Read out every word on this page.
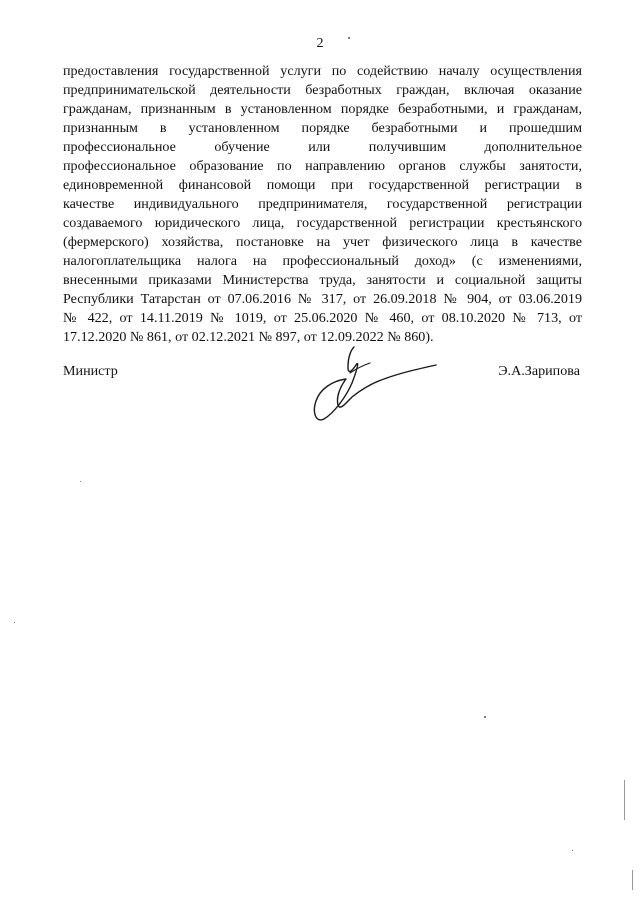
2
предоставления государственной услуги по содействию началу осуществления
предпринимательской деятельности безработных граждан, включая оказание
гражданам, признанным в установленном порядке безработными, и гражданам,
признанным в установленном порядке безработными и прошедшим
профессиональное обучение или получившим дополнительное
профессиональное образование по направлению органов службы занятости,
единовременной финансовой помощи при государственной регистрации в
качестве индивидуального предпринимателя, государственной регистрации
создаваемого юридического лица, государственной регистрации крестьянского
(фермерского) хозяйства, постановке на учет физического лица в качестве
налогоплательщика налога на профессиональный доход» (с изменениями,
внесенными приказами Министерства труда, занятости и социальной защиты
Республики Татарстан от 07.06.2016 № 317, от 26.09.2018 № 904, от 03.06.2019
№ 422, от 14.11.2019 № 1019, от 25.06.2020 № 460, от 08.10.2020 № 713, от
17.12.2020 № 861, от 02.12.2021 № 897, от 12.09.2022 № 860).
Министр	Э.А.Зарипова
